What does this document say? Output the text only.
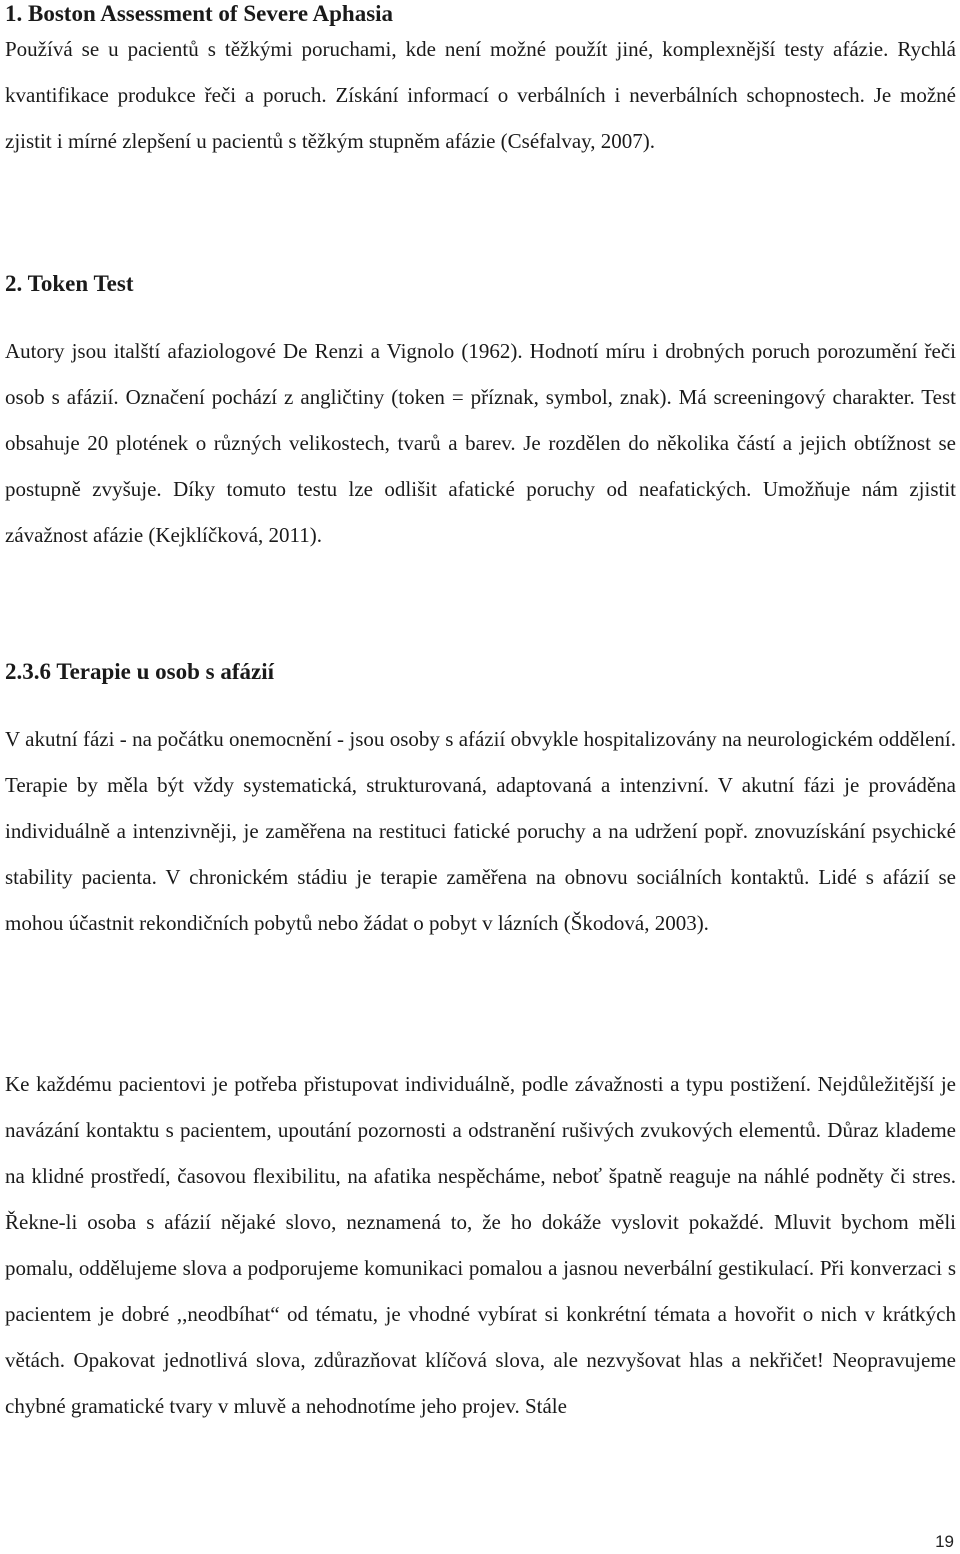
1. Boston Assessment of Severe Aphasia

Používá se u pacientů s těžkými poruchami, kde není možné použít jiné, komplexnější testy afázie. Rychlá kvantifikace produkce řeči a poruch. Získání informací o verbálních i neverbálních schopnostech. Je možné zjistit i mírné zlepšení u pacientů s těžkým stupněm afázie (Cséfalvay, 2007).

2. Token Test

Autory jsou italští afaziologové De Renzi a Vignolo (1962). Hodnotí míru i drobných poruch porozumění řeči osob s afázií. Označení pochází z angličtiny (token = příznak, symbol, znak). Má screeningový charakter. Test obsahuje 20 plotének o různých velikostech, tvarů a barev. Je rozdělen do několika částí a jejich obtížnost se postupně zvyšuje. Díky tomuto testu lze odlišit afatické poruchy od neafatických. Umožňuje nám zjistit závažnost afázie (Kejklíčková, 2011).

2.3.6 Terapie u osob s afázií

V akutní fázi - na počátku onemocnění - jsou osoby s afázií obvykle hospitalizovány na neurologickém oddělení. Terapie by měla být vždy systematická, strukturovaná, adaptovaná a intenzivní. V akutní fázi je prováděna individuálně a intenzivněji, je zaměřena na restituci fatické poruchy a na udržení popř. znovuzískání psychické stability pacienta. V chronickém stádiu je terapie zaměřena na obnovu sociálních kontaktů. Lidé s afázií se mohou účastnit rekondičních pobytů nebo žádat o pobyt v lázních (Škodová, 2003).

Ke každému pacientovi je potřeba přistupovat individuálně, podle závažnosti a typu postižení. Nejdůležitější je navázání kontaktu s pacientem, upoutání pozornosti a odstranění rušivých zvukových elementů. Důraz klademe na klidné prostředí, časovou flexibilitu, na afatika nespěcháme, neboť špatně reaguje na náhlé podněty či stres. Řekne-li osoba s afázií nějaké slovo, neznamená to, že ho dokáže vyslovit pokaždé. Mluvit bychom měli pomalu, oddělujeme slova a podporujeme komunikaci pomalou a jasnou neverbální gestikulací. Při konverzaci s pacientem je dobré ,,neodbíhat“ od tématu, je vhodné vybírat si konkrétní témata a hovořit o nich v krátkých větách. Opakovat jednotlivá slova, zdůrazňovat klíčová slova, ale nezvyšovat hlas a nekřičet! Neopravujeme chybné gramatické tvary v mluvě a nehodnotíme jeho projev. Stále

19
